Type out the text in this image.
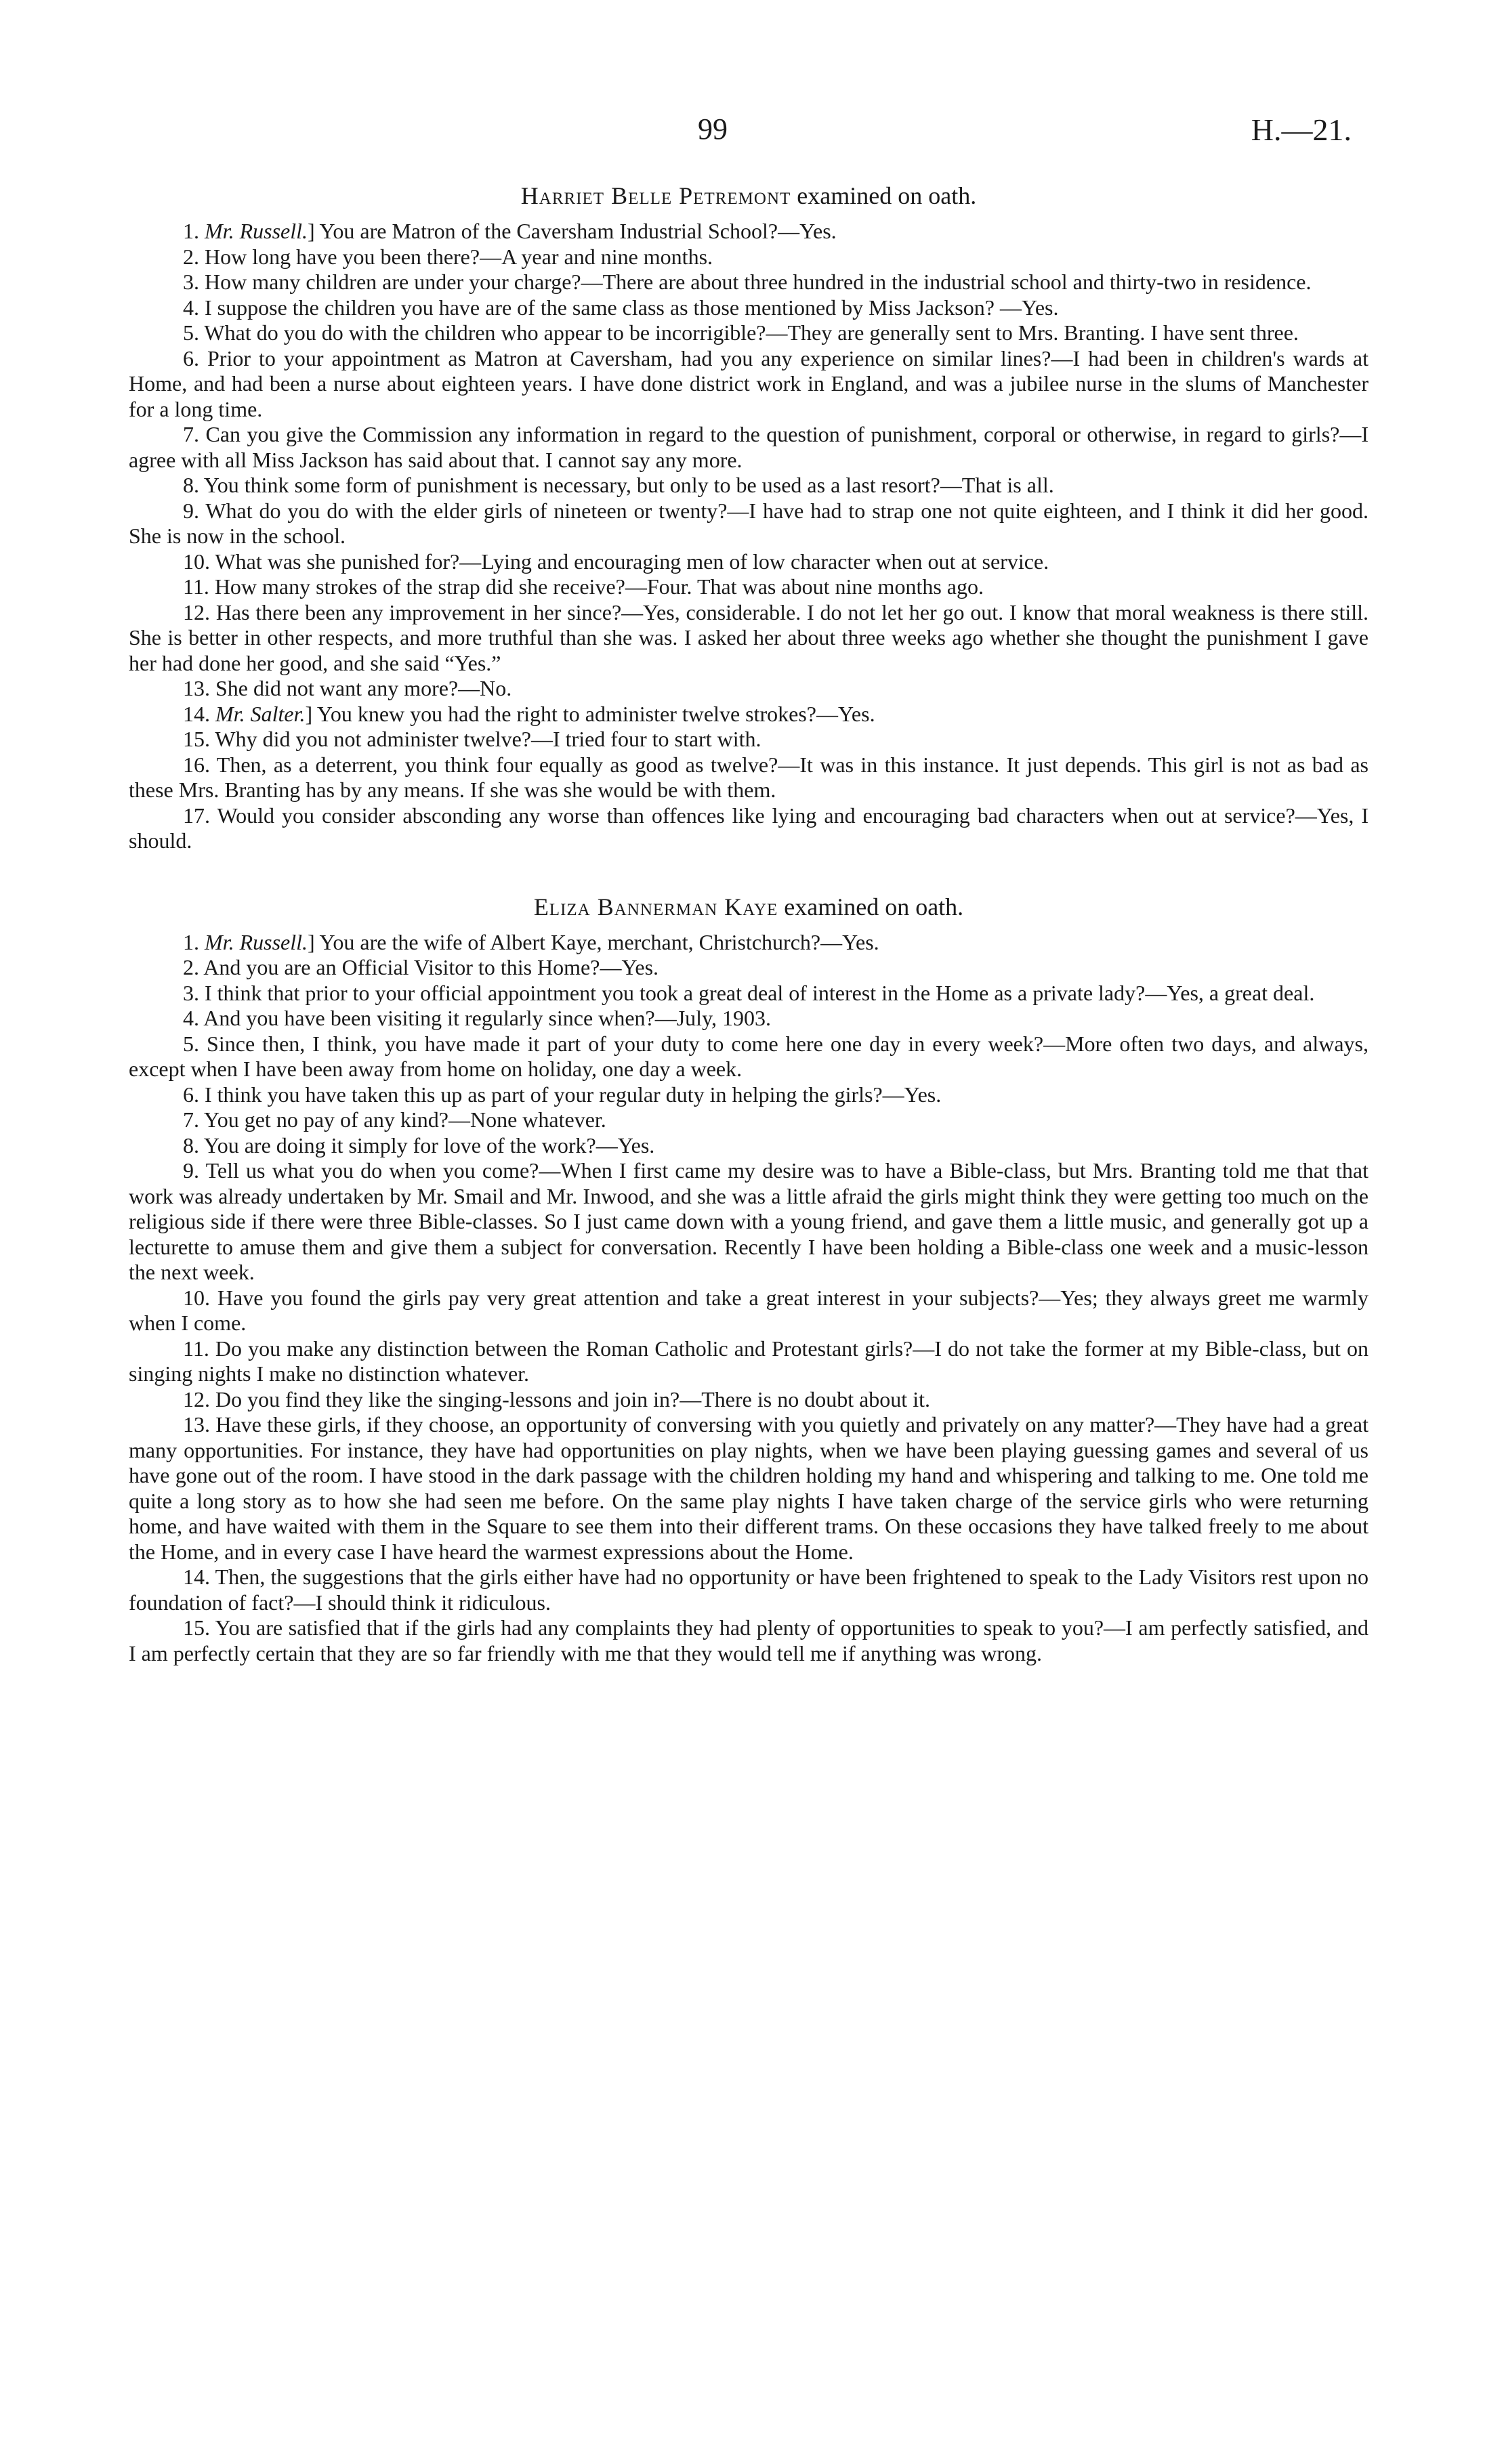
99	H.—21.
Harriet Belle Petremont examined on oath.

1. Mr. Russell.] You are Matron of the Caversham Industrial School?—Yes.

2. How long have you been there?—A year and nine months.

3. How many children are under your charge?—There are about three hundred in the industrial school and thirty-two in residence.

4. I suppose the children you have are of the same class as those mentioned by Miss Jackson? —Yes.

5. What do you do with the children who appear to be incorrigible?—They are generally sent to Mrs. Branting. I have sent three.

6. Prior to your appointment as Matron at Caversham, had you any experience on similar lines?—I had been in children's wards at Home, and had been a nurse about eighteen years. I have done district work in England, and was a jubilee nurse in the slums of Manchester for a long time.

7. Can you give the Commission any information in regard to the question of punishment, corporal or otherwise, in regard to girls?—I agree with all Miss Jackson has said about that. I cannot say any more.

8. You think some form of punishment is necessary, but only to be used as a last resort?—That is all.

9. What do you do with the elder girls of nineteen or twenty?—I have had to strap one not quite eighteen, and I think it did her good. She is now in the school.

10. What was she punished for?—Lying and encouraging men of low character when out at service.

11. How many strokes of the strap did she receive?—Four. That was about nine months ago.

12. Has there been any improvement in her since?—Yes, considerable. I do not let her go out. I know that moral weakness is there still. She is better in other respects, and more truthful than she was. I asked her about three weeks ago whether she thought the punishment I gave her had done her good, and she said “Yes.”

13. She did not want any more?—No.

14. Mr. Salter.] You knew you had the right to administer twelve strokes?—Yes.

15. Why did you not administer twelve?—I tried four to start with.

16. Then, as a deterrent, you think four equally as good as twelve?—It was in this instance. It just depends. This girl is not as bad as these Mrs. Branting has by any means. If she was she would be with them.

17. Would you consider absconding any worse than offences like lying and encouraging bad characters when out at service?—Yes, I should.

Eliza Bannerman Kaye examined on oath.

1. Mr. Russell.] You are the wife of Albert Kaye, merchant, Christchurch?—Yes.

2. And you are an Official Visitor to this Home?—Yes.

3. I think that prior to your official appointment you took a great deal of interest in the Home as a private lady?—Yes, a great deal.

4. And you have been visiting it regularly since when?—July, 1903.

5. Since then, I think, you have made it part of your duty to come here one day in every week?—More often two days, and always, except when I have been away from home on holiday, one day a week.

6. I think you have taken this up as part of your regular duty in helping the girls?—Yes.

7. You get no pay of any kind?—None whatever.

8. You are doing it simply for love of the work?—Yes.

9. Tell us what you do when you come?—When I first came my desire was to have a Bible-class, but Mrs. Branting told me that that work was already undertaken by Mr. Smail and Mr. Inwood, and she was a little afraid the girls might think they were getting too much on the religious side if there were three Bible-classes. So I just came down with a young friend, and gave them a little music, and generally got up a lecturette to amuse them and give them a subject for conversation. Recently I have been holding a Bible-class one week and a music-lesson the next week.

10. Have you found the girls pay very great attention and take a great interest in your subjects?—Yes; they always greet me warmly when I come.

11. Do you make any distinction between the Roman Catholic and Protestant girls?—I do not take the former at my Bible-class, but on singing nights I make no distinction whatever.

12. Do you find they like the singing-lessons and join in?—There is no doubt about it.

13. Have these girls, if they choose, an opportunity of conversing with you quietly and privately on any matter?—They have had a great many opportunities. For instance, they have had opportunities on play nights, when we have been playing guessing games and several of us have gone out of the room. I have stood in the dark passage with the children holding my hand and whispering and talking to me. One told me quite a long story as to how she had seen me before. On the same play nights I have taken charge of the service girls who were returning home, and have waited with them in the Square to see them into their different trams. On these occasions they have talked freely to me about the Home, and in every case I have heard the warmest expressions about the Home.

14. Then, the suggestions that the girls either have had no opportunity or have been frightened to speak to the Lady Visitors rest upon no foundation of fact?—I should think it ridiculous.

15. You are satisfied that if the girls had any complaints they had plenty of opportunities to speak to you?—I am perfectly satisfied, and I am perfectly certain that they are so far friendly with me that they would tell me if anything was wrong.
